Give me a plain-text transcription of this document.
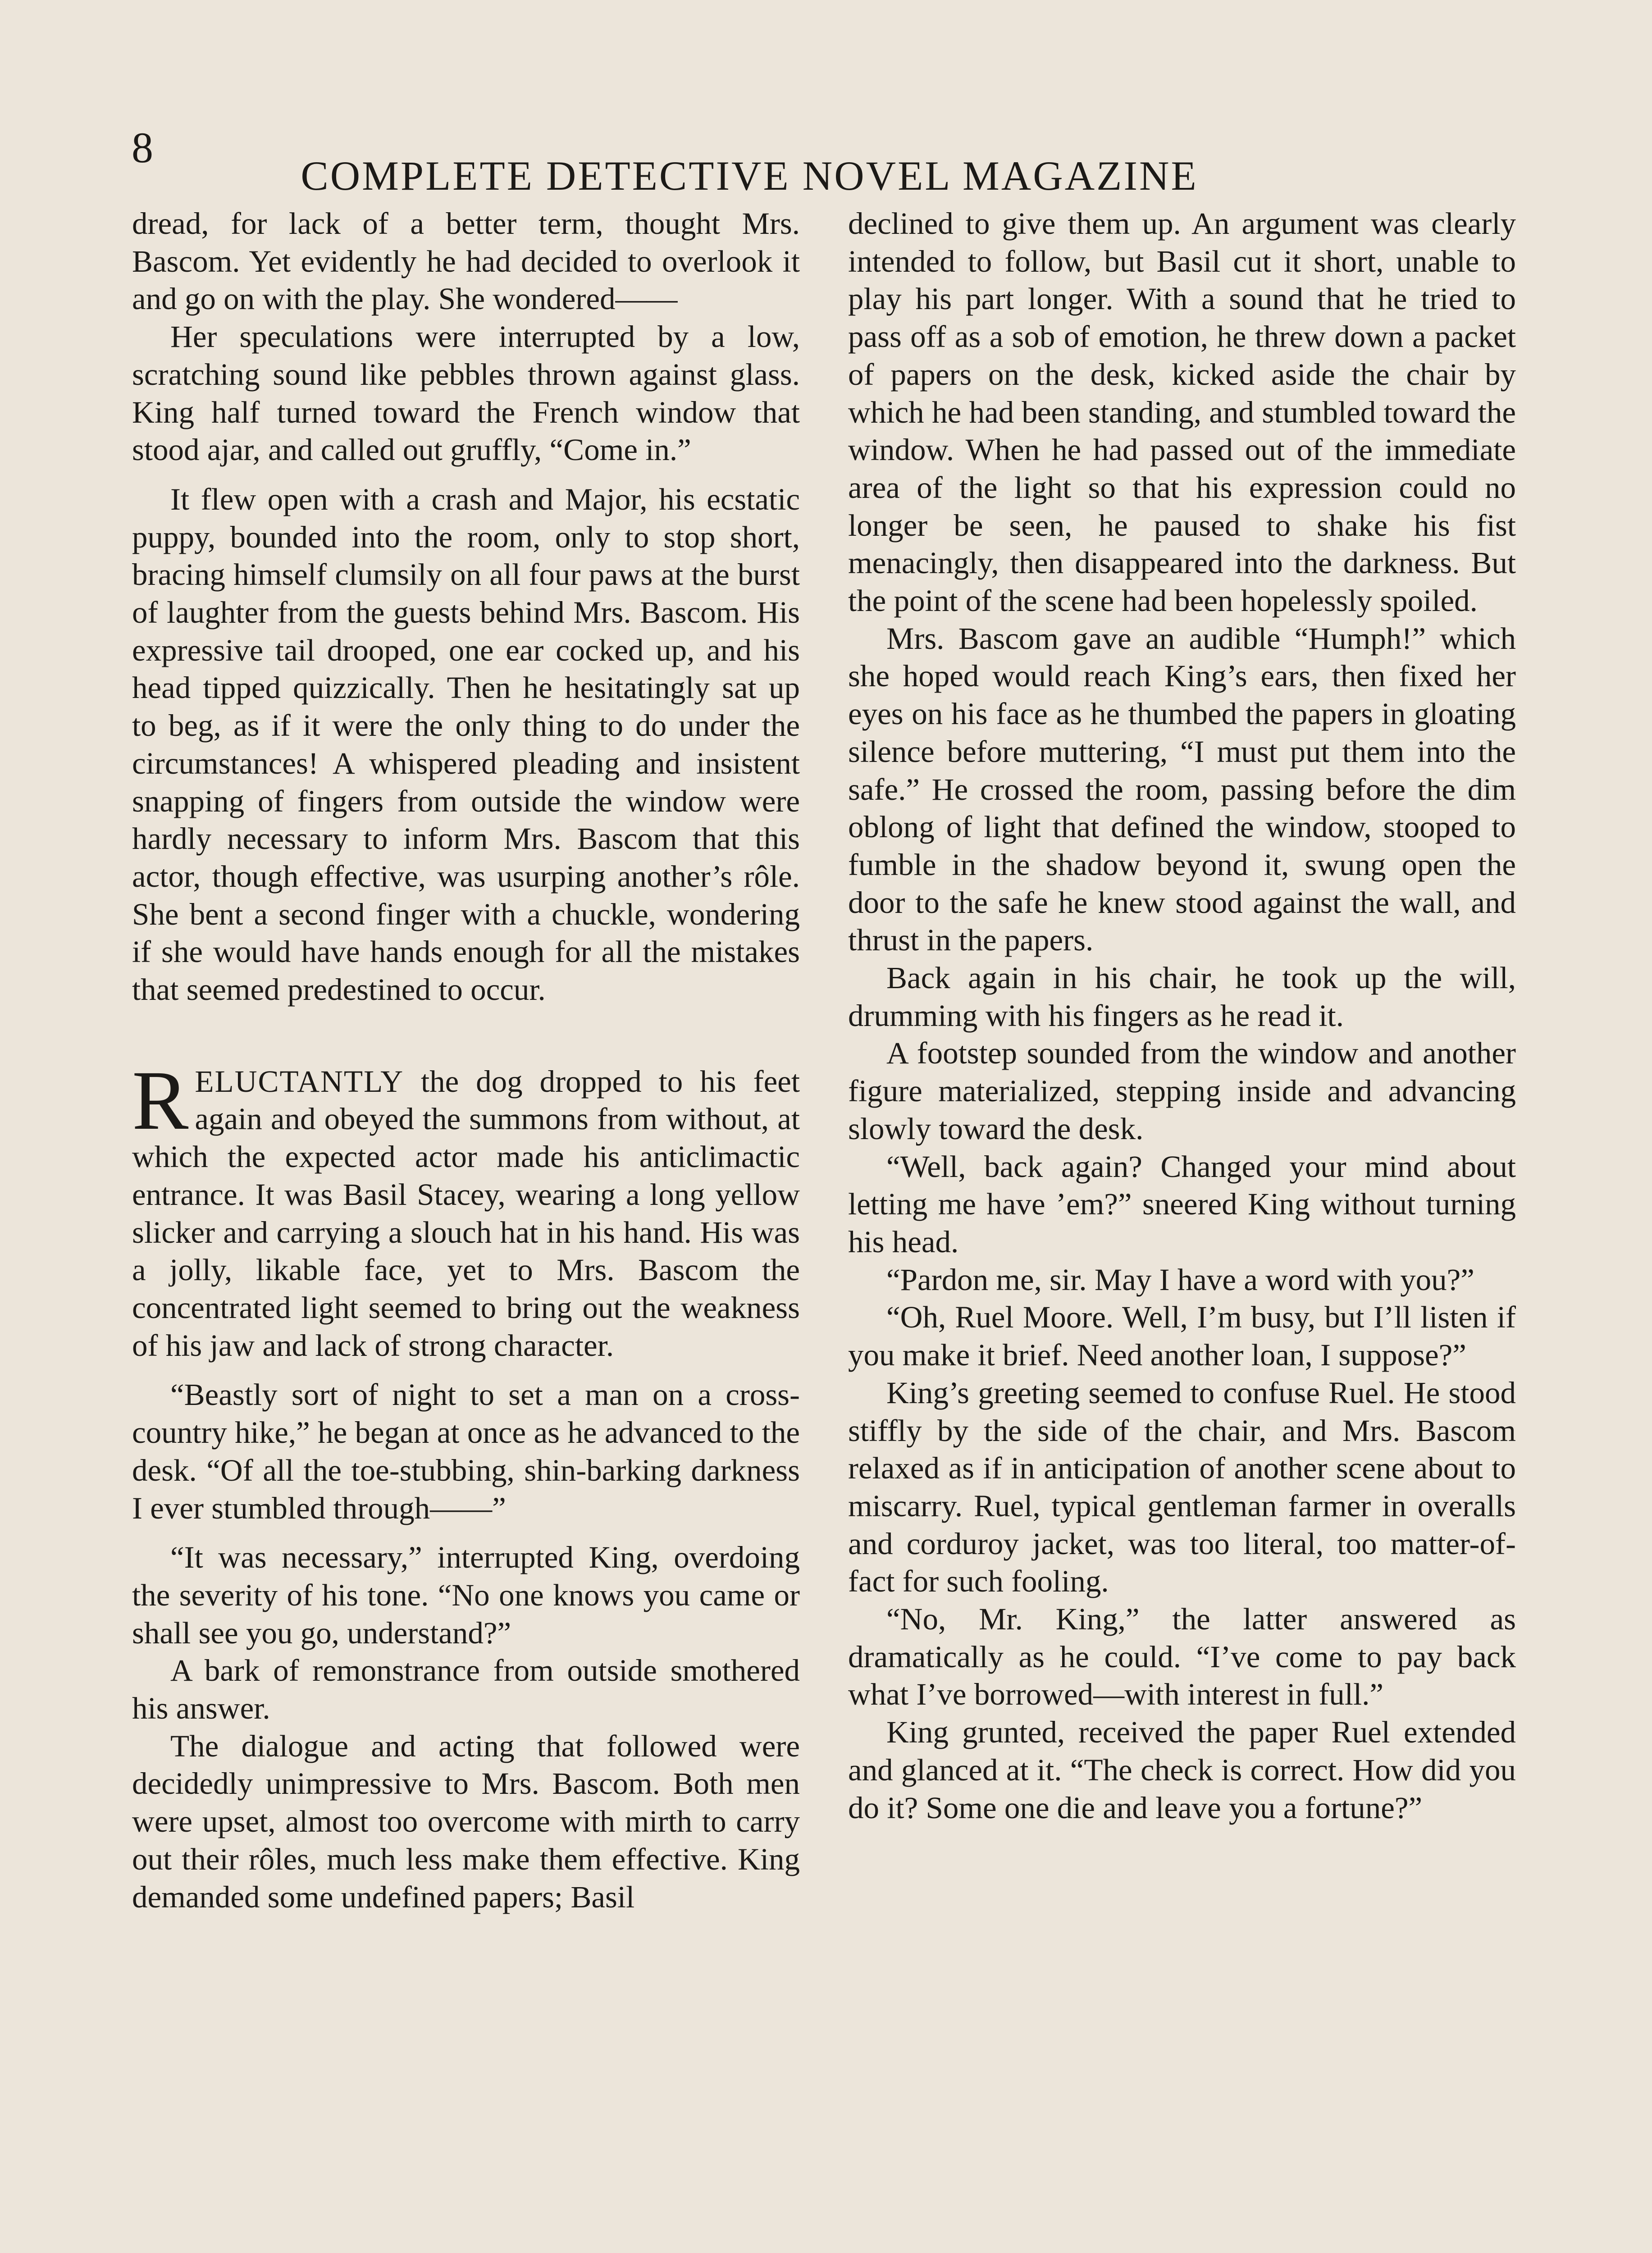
8
COMPLETE DETECTIVE NOVEL MAGAZINE

dread, for lack of a better term, thought Mrs. Bascom. Yet evidently he had decided to overlook it and go on with the play. She wondered——

Her speculations were interrupted by a low, scratching sound like pebbles thrown against glass. King half turned toward the French window that stood ajar, and called out gruffly, “Come in.”

It flew open with a crash and Major, his ecstatic puppy, bounded into the room, only to stop short, bracing himself clumsily on all four paws at the burst of laughter from the guests behind Mrs. Bascom. His expressive tail drooped, one ear cocked up, and his head tipped quizzically. Then he hesitatingly sat up to beg, as if it were the only thing to do under the circumstances! A whispered pleading and insistent snapping of fingers from outside the window were hardly necessary to inform Mrs. Bascom that this actor, though effective, was usurping another’s rôle. She bent a second finger with a chuckle, wondering if she would have hands enough for all the mistakes that seemed predestined to occur.

RELUCTANTLY the dog dropped to his feet again and obeyed the summons from without, at which the expected actor made his anticlimactic entrance. It was Basil Stacey, wearing a long yellow slicker and carrying a slouch hat in his hand. His was a jolly, likable face, yet to Mrs. Bascom the concentrated light seemed to bring out the weakness of his jaw and lack of strong character.

“Beastly sort of night to set a man on a cross-country hike,” he began at once as he advanced to the desk. “Of all the toe-stubbing, shin-barking darkness I ever stumbled through——”

“It was necessary,” interrupted King, overdoing the severity of his tone. “No one knows you came or shall see you go, understand?”

A bark of remonstrance from outside smothered his answer.

The dialogue and acting that followed were decidedly unimpressive to Mrs. Bascom. Both men were upset, almost too overcome with mirth to carry out their rôles, much less make them effective. King demanded some undefined papers; Basil

declined to give them up. An argument was clearly intended to follow, but Basil cut it short, unable to play his part longer. With a sound that he tried to pass off as a sob of emotion, he threw down a packet of papers on the desk, kicked aside the chair by which he had been standing, and stumbled toward the window. When he had passed out of the immediate area of the light so that his expression could no longer be seen, he paused to shake his fist menacingly, then disappeared into the darkness. But the point of the scene had been hopelessly spoiled.

Mrs. Bascom gave an audible “Humph!” which she hoped would reach King’s ears, then fixed her eyes on his face as he thumbed the papers in gloating silence before muttering, “I must put them into the safe.” He crossed the room, passing before the dim oblong of light that defined the window, stooped to fumble in the shadow beyond it, swung open the door to the safe he knew stood against the wall, and thrust in the papers.

Back again in his chair, he took up the will, drumming with his fingers as he read it.

A footstep sounded from the window and another figure materialized, stepping inside and advancing slowly toward the desk.

“Well, back again? Changed your mind about letting me have ’em?” sneered King without turning his head.

“Pardon me, sir. May I have a word with you?”

“Oh, Ruel Moore. Well, I’m busy, but I’ll listen if you make it brief. Need another loan, I suppose?”

King’s greeting seemed to confuse Ruel. He stood stiffly by the side of the chair, and Mrs. Bascom relaxed as if in anticipation of another scene about to miscarry. Ruel, typical gentleman farmer in overalls and corduroy jacket, was too literal, too matter-of-fact for such fooling.

“No, Mr. King,” the latter answered as dramatically as he could. “I’ve come to pay back what I’ve borrowed—with interest in full.”

King grunted, received the paper Ruel extended and glanced at it. “The check is correct. How did you do it? Some one die and leave you a fortune?”
